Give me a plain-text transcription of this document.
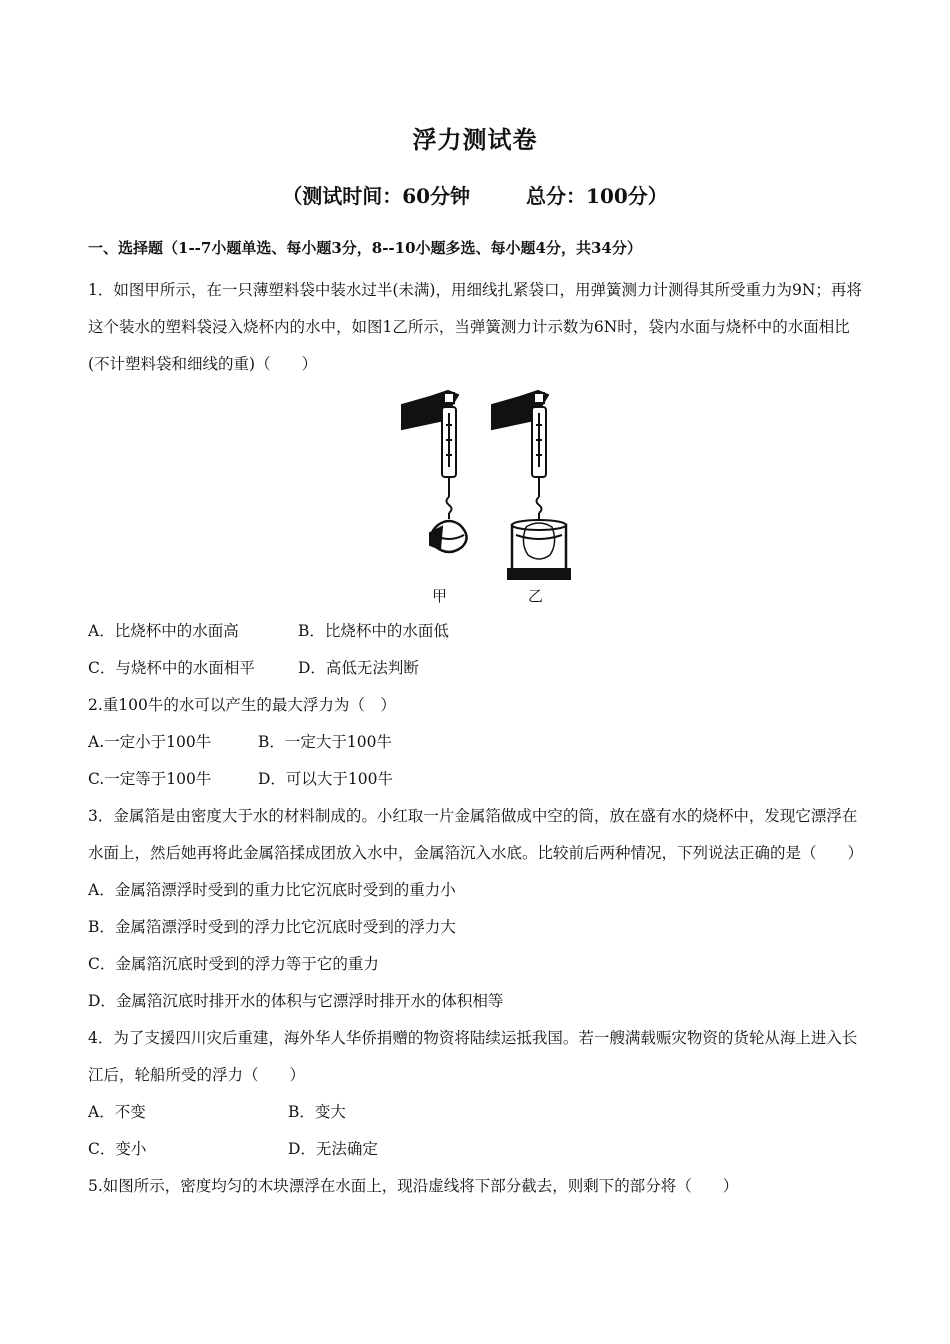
浮力测试卷
（测试时间：60分钟	总分：100分）
一、选择题（1--7小题单选、每小题3分，8--10小题多选、每小题4分，共34分）

1．如图甲所示，在一只薄塑料袋中装水过半(未满)，用细线扎紧袋口，用弹簧测力计测得其所受重力为9N；再将这个装水的塑料袋浸入烧杯内的水中，如图1乙所示，当弹簧测力计示数为6N时，袋内水面与烧杯中的水面相比(不计塑料袋和细线的重)（　　）

甲	乙
A．比烧杯中的水面高	B．比烧杯中的水面低
C．与烧杯中的水面相平	D．高低无法判断

2.重100牛的水可以产生的最大浮力为（　）

A.一定小于100牛	B．一定大于100牛
C.一定等于100牛	D．可以大于100牛

3．金属箔是由密度大于水的材料制成的。小红取一片金属箔做成中空的筒，放在盛有水的烧杯中，发现它漂浮在水面上，然后她再将此金属箔揉成团放入水中，金属箔沉入水底。比较前后两种情况，下列说法正确的是（　　）

A．金属箔漂浮时受到的重力比它沉底时受到的重力小
B．金属箔漂浮时受到的浮力比它沉底时受到的浮力大
C．金属箔沉底时受到的浮力等于它的重力
D．金属箔沉底时排开水的体积与它漂浮时排开水的体积相等

4．为了支援四川灾后重建，海外华人华侨捐赠的物资将陆续运抵我国。若一艘满载赈灾物资的货轮从海上进入长江后，轮船所受的浮力（　　）

A．不变	B．变大
C．变小	D．无法确定

5.如图所示，密度均匀的木块漂浮在水面上，现沿虚线将下部分截去，则剩下的部分将（　　）
